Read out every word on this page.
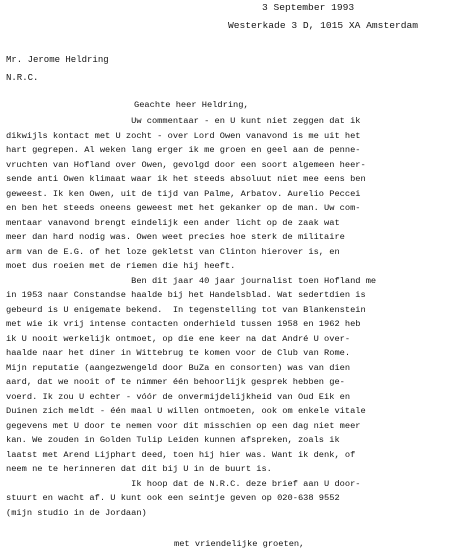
3 September 1993
Westerkade 3 D, 1015 XA Amsterdam
Mr. Jerome Heldring
N.R.C.
Geachte heer Heldring,

Uw commentaar - en U kunt niet zeggen dat ik

dikwijls kontact met U zocht - over Lord Owen vanavond is me uit het

hart gegrepen. Al weken lang erger ik me groen en geel aan de penne-

vruchten van Hofland over Owen, gevolgd door een soort algemeen heer-

sende anti Owen klimaat waar ik het steeds absoluut niet mee eens ben

geweest. Ik ken Owen, uit de tijd van Palme, Arbatov. Aurelio Peccei

en ben het steeds oneens geweest met het gekanker op de man. Uw com-

mentaar vanavond brengt eindelijk een ander licht op de zaak wat

meer dan hard nodig was. Owen weet precies hoe sterk de militaire

arm van de E.G. of het loze gekletst van Clinton hierover is, en

moet dus roeien met de riemen die hij heeft.

Ben dit jaar 40 jaar journalist toen Hofland me

in 1953 naar Constandse haalde bij het Handelsblad. Wat sedertdien is

gebeurd is U enigemate bekend.  In tegenstelling tot van Blankenstein

met wie ik vrij intense contacten onderhield tussen 1958 en 1962 heb

ik U nooit werkelijk ontmoet, op die ene keer na dat André U over-

haalde naar het diner in Wittebrug te komen voor de Club van Rome.

Mijn reputatie (aangezwengeld door BuZa en consorten) was van dien

aard, dat we nooit of te nimmer één behoorlijk gesprek hebben ge-

voerd. Ik zou U echter - vóór de onvermijdelijkheid van Oud Eik en

Duinen zich meldt - één maal U willen ontmoeten, ook om enkele vitale

gegevens met U door te nemen voor dit misschien op een dag niet meer

kan. We zouden in Golden Tulip Leiden kunnen afspreken, zoals ik

laatst met Arend Lijphart deed, toen hij hier was. Want ik denk, of

neem ne te herinneren dat dit bij U in de buurt is.

Ik hoop dat de N.R.C. deze brief aan U door-

stuurt en wacht af. U kunt ook een seintje geven op 020-638 9552

(mijn studio in de Jordaan)

met vriendelijke groeten,
